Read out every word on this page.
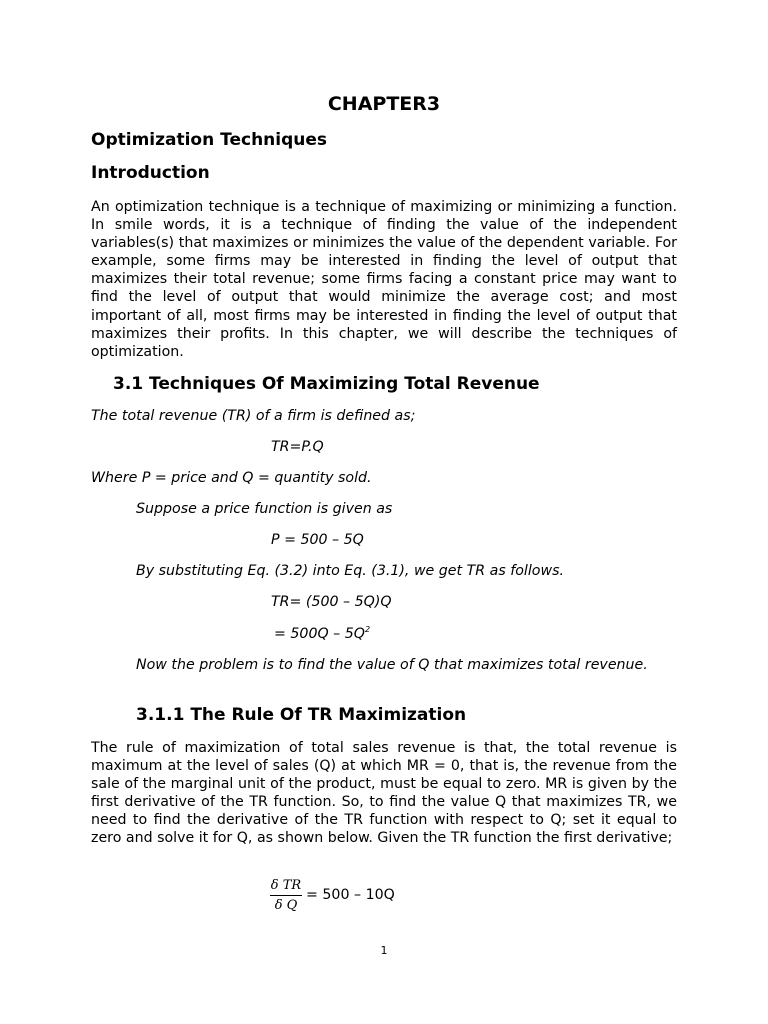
CHAPTER3
Optimization Techniques
Introduction
An optimization technique is a technique of maximizing or minimizing a function. In smile words, it is a technique of finding the value of the independent variables(s) that maximizes or minimizes the value of the dependent variable. For example, some firms may be interested in finding the level of output that maximizes their total revenue; some firms facing a constant price may want to find the level of output that would minimize the average cost; and most important of all, most firms may be interested in finding the level of output that maximizes their profits. In this chapter, we will describe the techniques of optimization.
3.1 Techniques Of Maximizing Total Revenue
The total revenue (TR) of a firm is defined as;
TR=P.Q
Where P = price and Q = quantity sold.
Suppose a price function is given as
P = 500 – 5Q
By substituting Eq. (3.2) into Eq. (3.1), we get TR as follows.
TR= (500 – 5Q)Q
= $500Q - 5Q^2$
Now the problem is to find the value of Q that maximizes total revenue.
3.1.1 The Rule Of TR Maximization
The rule of maximization of total sales revenue is that, the total revenue is maximum at the level of sales (Q) at which MR = 0, that is, the revenue from the sale of the marginal unit of the product, must be equal to zero. MR is given by the first derivative of the TR function. So, to find the value Q that maximizes TR, we need to find the derivative of the TR function with respect to Q; set it equal to zero and solve it for Q, as shown below. Given the TR function the first derivative;
δ TR
δ Q
= 500 – 10Q
1
